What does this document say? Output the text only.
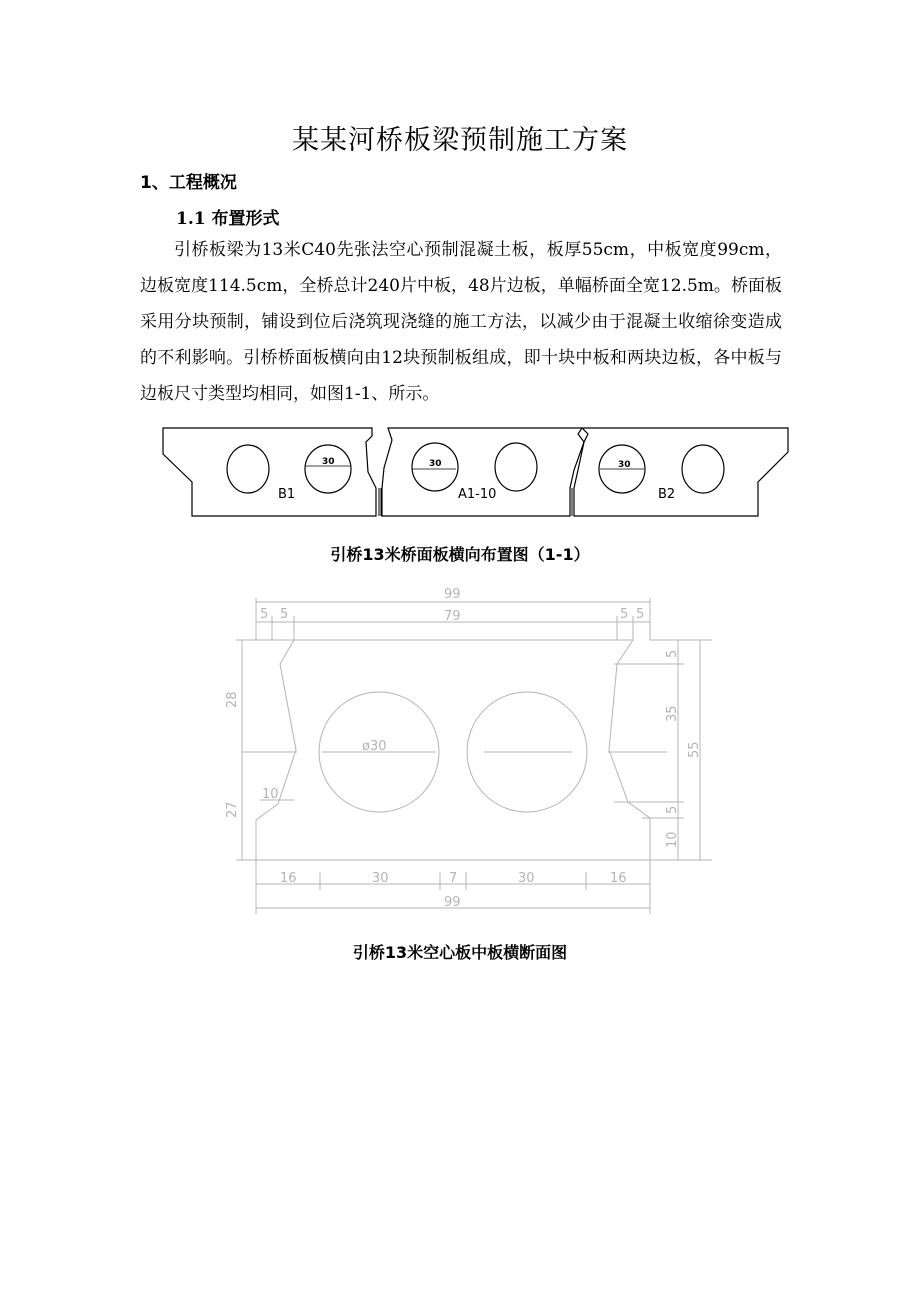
某某河桥板梁预制施工方案
1、工程概况
1.1 布置形式

引桥板梁为13米C40先张法空心预制混凝土板，板厚55cm，中板宽度99cm，边板宽度114.5cm，全桥总计240片中板，48片边板，单幅桥面全宽12.5m。桥面板采用分块预制，铺设到位后浇筑现浇缝的施工方法，以减少由于混凝土收缩徐变造成的不利影响。引桥桥面板横向由12块预制板组成，即十块中板和两块边板，各中板与边板尺寸类型均相同，如图1-1、所示。

30	30	30
B1	A1-10	B2

引桥13米桥面板横向布置图（1-1）

99
5 5	79	5 5
ø30
10
28
27
5
35
5
10
55
16	30	7	30	16
99

引桥13米空心板中板横断面图
